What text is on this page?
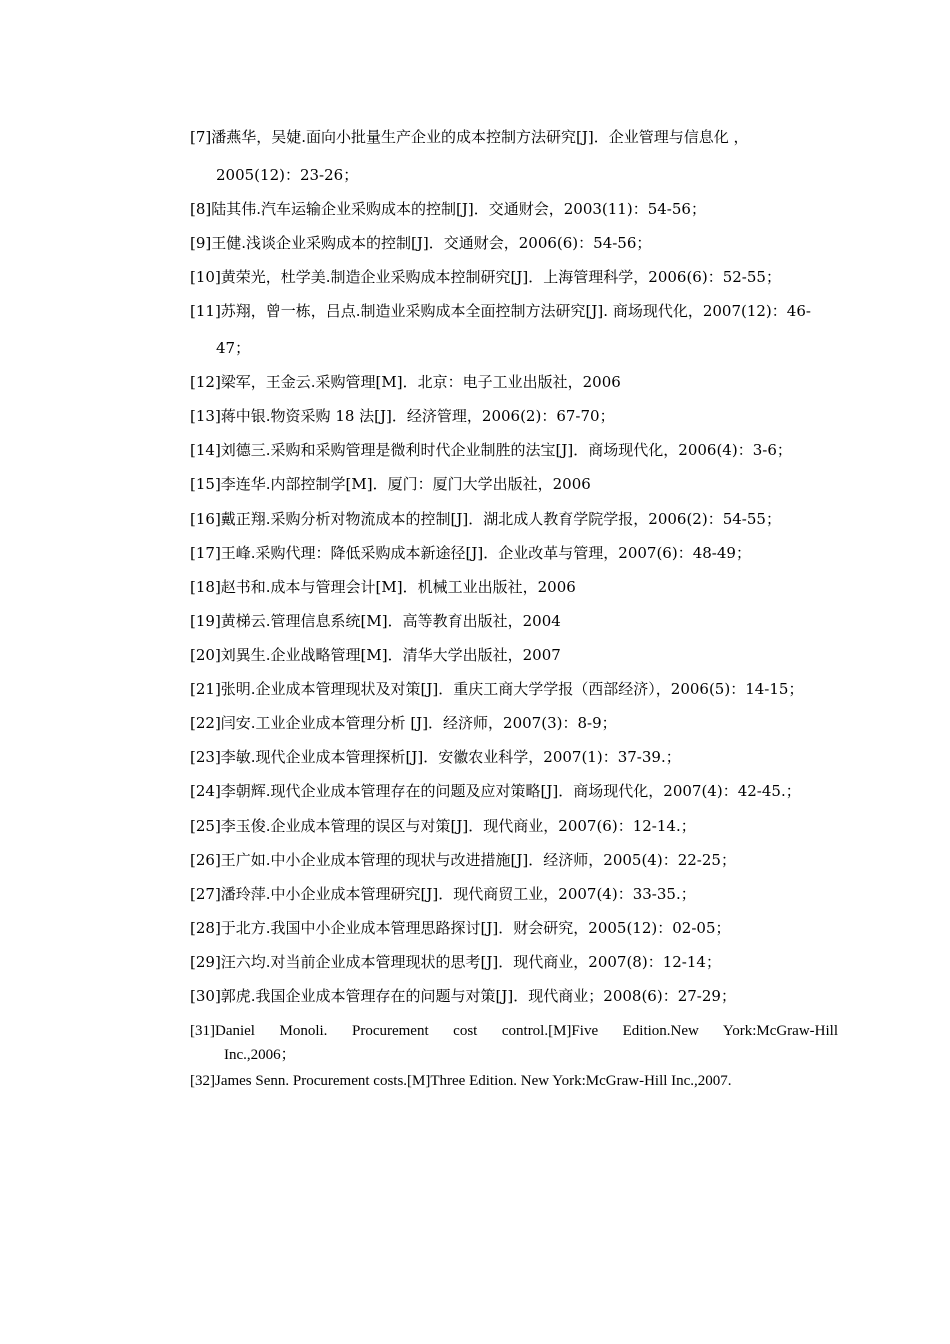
[7]潘燕华，吴婕.面向小批量生产企业的成本控制方法研究[J]．企业管理与信息化 ，
2005(12)：23-26；
[8]陆其伟.汽车运输企业采购成本的控制[J]．交通财会，2003(11)：54-56；
[9]王健.浅谈企业采购成本的控制[J]．交通财会，2006(6)：54-56；
[10]黄荣光，杜学美.制造企业采购成本控制研究[J]．上海管理科学，2006(6)：52-55；
[11]苏翔，曾一栋，吕点.制造业采购成本全面控制方法研究[J]. 商场现代化，2007(12)：46-
47；
[12]梁军，王金云.采购管理[M]．北京：电子工业出版社，2006
[13]蒋中银.物资采购 18 法[J]．经济管理，2006(2)：67-70；
[14]刘德三.采购和采购管理是微利时代企业制胜的法宝[J]．商场现代化，2006(4)：3-6；
[15]李连华.内部控制学[M]．厦门：厦门大学出版社，2006
[16]戴正翔.采购分析对物流成本的控制[J]．湖北成人教育学院学报，2006(2)：54-55；
[17]王峰.采购代理：降低采购成本新途径[J]．企业改革与管理，2007(6)：48-49；
[18]赵书和.成本与管理会计[M]．机械工业出版社，2006
[19]黄梯云.管理信息系统[M]．高等教育出版社，2004
[20]刘異生.企业战略管理[M]．清华大学出版社，2007
[21]张明.企业成本管理现状及对策[J]．重庆工商大学学报（西部经济），2006(5)：14-15；
[22]闫安.工业企业成本管理分析 [J]．经济师，2007(3)：8-9；
[23]李敏.现代企业成本管理探析[J]．安徽农业科学，2007(1)：37-39.；
[24]李朝辉.现代企业成本管理存在的问题及应对策略[J]．商场现代化，2007(4)：42-45.；
[25]李玉俊.企业成本管理的误区与对策[J]．现代商业，2007(6)：12-14.；
[26]王广如.中小企业成本管理的现状与改进措施[J]．经济师，2005(4)：22-25；
[27]潘玲萍.中小企业成本管理研究[J]．现代商贸工业，2007(4)：33-35.；
[28]于北方.我国中小企业成本管理思路探讨[J]．财会研究，2005(12)：02-05；
[29]汪六均.对当前企业成本管理现状的思考[J]．现代商业，2007(8)：12-14；
[30]郭虎.我国企业成本管理存在的问题与对策[J]．现代商业；2008(6)：27-29；
[31]Daniel Monoli. Procurement cost control.[M]Five Edition.New York:McGraw-Hill
Inc.,2006；
[32]James Senn. Procurement costs.[M]Three Edition. New York:McGraw-Hill Inc.,2007.
